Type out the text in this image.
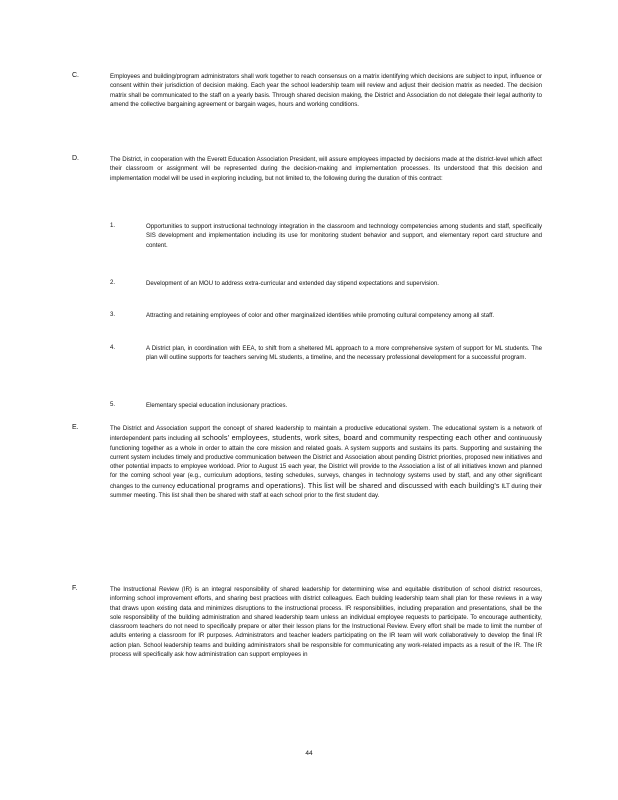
C.	Employees and building/program administrators shall work together to reach consensus on a matrix identifying which decisions are subject to input, influence or consent within their jurisdiction of decision making. Each year the school leadership team will review and adjust their decision matrix as needed. The decision matrix shall be communicated to the staff on a yearly basis. Through shared decision making, the District and Association do not delegate their legal authority to amend the collective bargaining agreement or bargain wages, hours and working conditions.
D.	The District, in cooperation with the Everett Education Association President, will assure employees impacted by decisions made at the district-level which affect their classroom or assignment will be represented during the decision-making and implementation processes. Its understood that this decision and implementation model will be used in exploring including, but not limited to, the following during the duration of this contract:
1.	Opportunities to support instructional technology integration in the classroom and technology competencies among students and staff, specifically SIS development and implementation including its use for monitoring student behavior and support, and elementary report card structure and content.
2.	Development of an MOU to address extra-curricular and extended day stipend expectations and supervision.
3.	Attracting and retaining employees of color and other marginalized identities while promoting cultural competency among all staff.
4.	A District plan, in coordination with EEA, to shift from a sheltered ML approach to a more comprehensive system of support for ML students. The plan will outline supports for teachers serving ML students, a timeline, and the necessary professional development for a successful program.
5.	Elementary special education inclusionary practices.
E.	The District and Association support the concept of shared leadership to maintain a productive educational system. The educational system is a network of interdependent parts including all schools' employees, students, work sites, board and community respecting each other and continuously functioning together as a whole in order to attain the core mission and related goals. A system supports and sustains its parts. Supporting and sustaining the current system includes timely and productive communication between the District and Association about pending District priorities, proposed new initiatives and other potential impacts to employee workload. Prior to August 15 each year, the District will provide to the Association a list of all initiatives known and planned for the coming school year (e.g., curriculum adoptions, testing schedules, surveys, changes in technology systems used by staff, and any other significant changes to the currency educational programs and operations). This list will be shared and discussed with each building's ILT during their summer meeting. This list shall then be shared with staff at each school prior to the first student day.
F.	The Instructional Review (IR) is an integral responsibility of shared leadership for determining wise and equitable distribution of school district resources, informing school improvement efforts, and sharing best practices with district colleagues. Each building leadership team shall plan for these reviews in a way that draws upon existing data and minimizes disruptions to the instructional process. IR responsibilities, including preparation and presentations, shall be the sole responsibility of the building administration and shared leadership team unless an individual employee requests to participate. To encourage authenticity, classroom teachers do not need to specifically prepare or alter their lesson plans for the Instructional Review. Every effort shall be made to limit the number of adults entering a classroom for IR purposes. Administrators and teacher leaders participating on the IR team will work collaboratively to develop the final IR action plan. School leadership teams and building administrators shall be responsible for communicating any work-related impacts as a result of the IR. The IR process will specifically ask how administration can support employees in
44
